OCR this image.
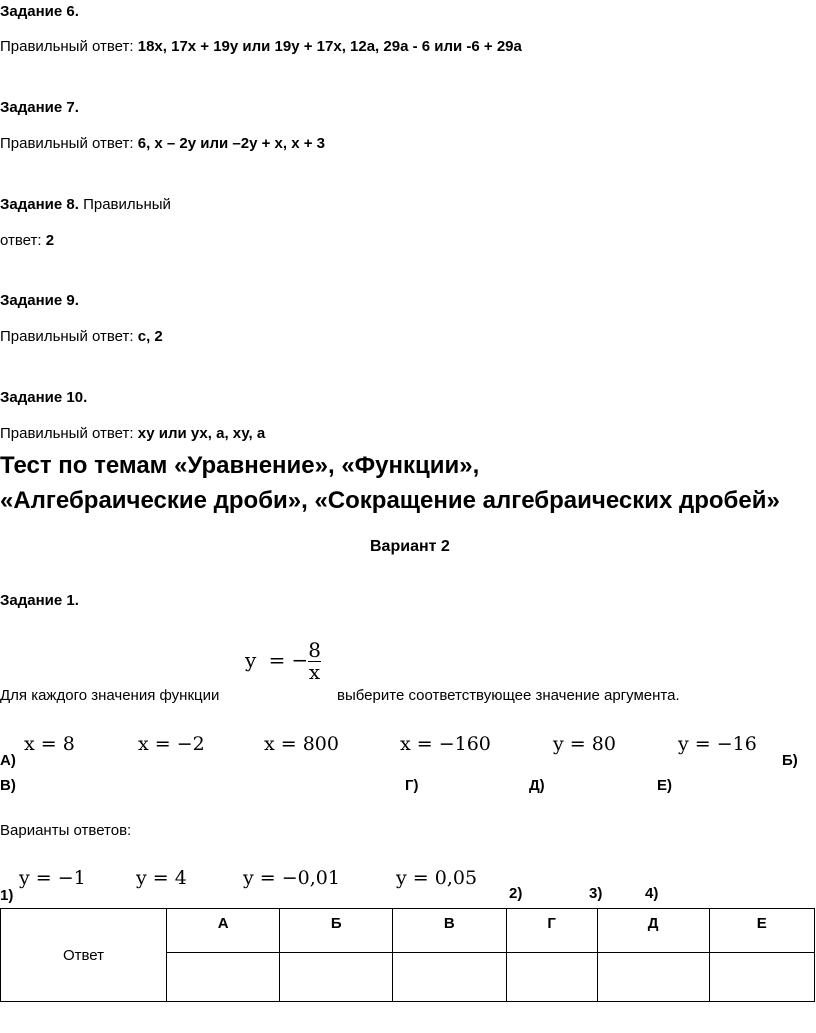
Задание 6.
Правильный ответ: 18х, 17х + 19у или 19у + 17х, 12а, 29а - 6 или -6 + 29а
Задание 7.
Правильный ответ: 6, х – 2у или –2у + х, х + 3
Задание 8. Правильный
ответ: 2
Задание 9.
Правильный ответ: с, 2
Задание 10.
Правильный ответ: ху или ух, а, ху, а
Тест по темам «Уравнение», «Функции»,
«Алгебраические дроби», «Сокращение алгебраических дробей»
Вариант 2
Задание 1.
Для каждого значения функции
y = − $\frac{8}{x}$
выберите соответствующее значение аргумента.
x = 8	x = −2	x = 800	x = −160	y = 80	y = −16
А)	Б)
В)	Г)	Д)	Е)
Варианты ответов:
y = −1	y = 4	y = −0,01	y = 0,05
1)	2)	3)	4)
Ответ	А	Б	В	Г	Д	Е
